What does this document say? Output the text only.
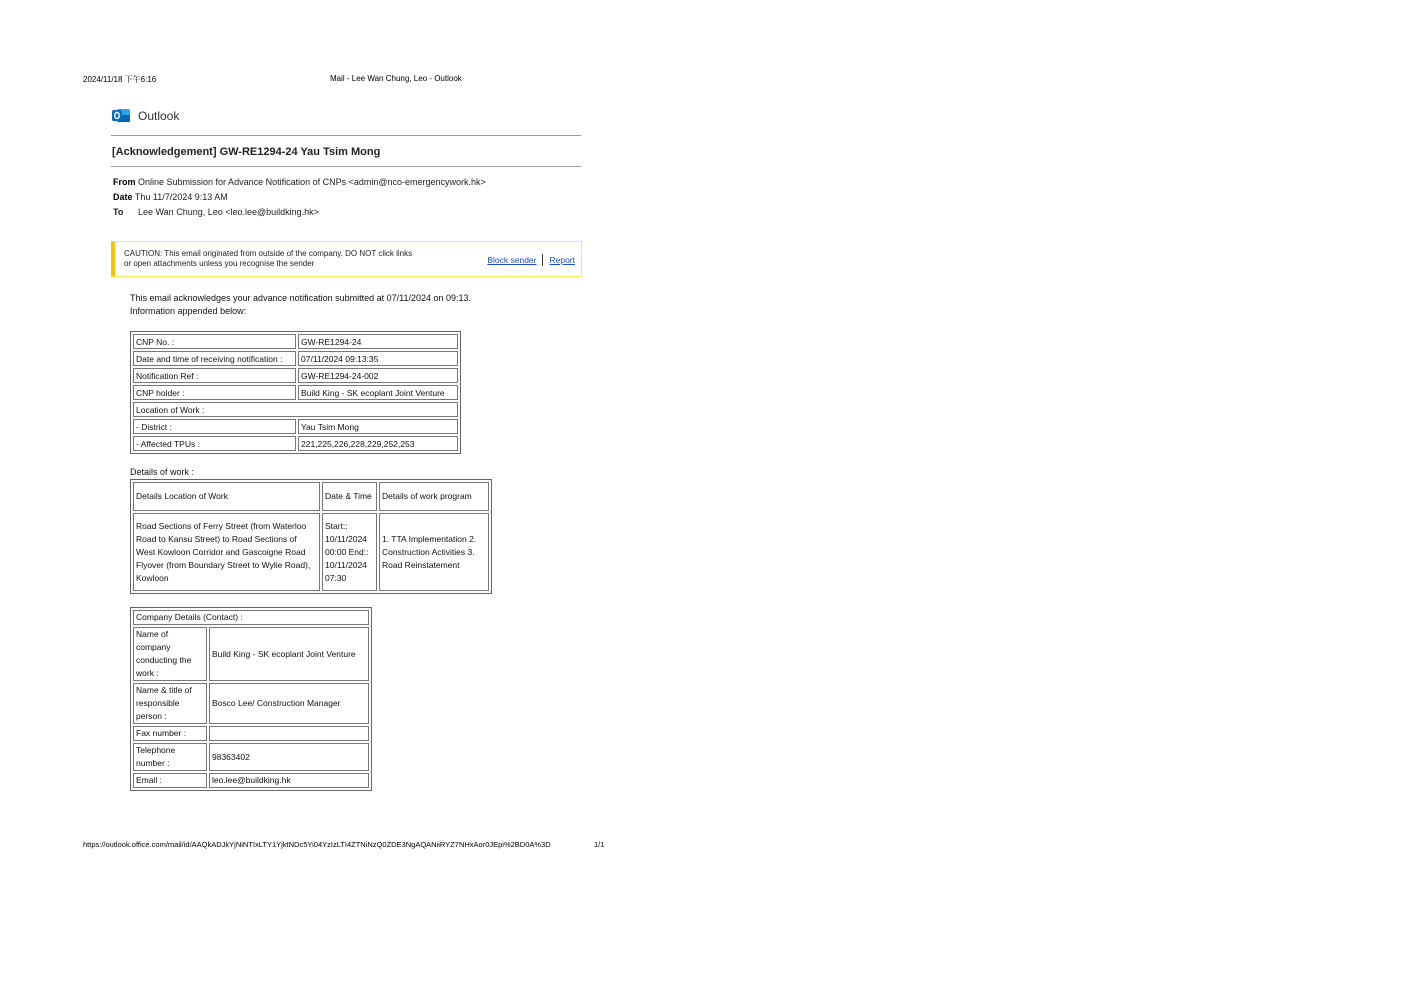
2024/11/18 下午6:16	Mail - Lee Wan Chung, Leo - Outlook
Outlook
[Acknowledgement] GW-RE1294-24 Yau Tsim Mong
From Online Submission for Advance Notification of CNPs <admin@nco-emergencywork.hk>
Date Thu 11/7/2024 9:13 AM
To Lee Wan Chung, Leo <leo.lee@buildking.hk>
CAUTION: This email originated from outside of the company. DO NOT click links
or open attachments unless you recognise the sender	Block sender Report
This email acknowledges your advance notification submitted at 07/11/2024 on 09:13.
Information appended below:
CNP No. :	GW-RE1294-24
Date and time of receiving notification :	07/11/2024 09:13:35
Notification Ref :	GW-RE1294-24-002
CNP holder :	Build King - SK ecoplant Joint Venture
Location of Work :	
- District :	Yau Tsim Mong
- Affected TPUs :	221,225,226,228,229,252,253
Details of work :
Details Location of Work	Date & Time	Details of work program
Road Sections of Ferry Street (from Waterloo Road to Kansu Street) to Road Sections of West Kowloon Corridor and Gascoigne Road Flyover (from Boundary Street to Wylie Road), Kowloon	Start:: 10/11/2024 00:00 End:: 10/11/2024 07:30	1. TTA Implementation 2. Construction Activities 3. Road Reinstatement
Company Details (Contact) :	
Name of company conducting the work :	Build King - SK ecoplant Joint Venture
Name & title of responsible person :	Bosco Lee/ Construction Manager
Fax number :	
Telephone number :	98363402
Email :	leo.lee@buildking.hk
https://outlook.office.com/mail/id/AAQkADJkYjNiNTIxLTY1YjktNDc5Yi04YzIzLTI4ZTNiNzQ0ZDE3NgAQANiiRYZ7NHxAor0JEpi%2BD0A%3D	1/1
